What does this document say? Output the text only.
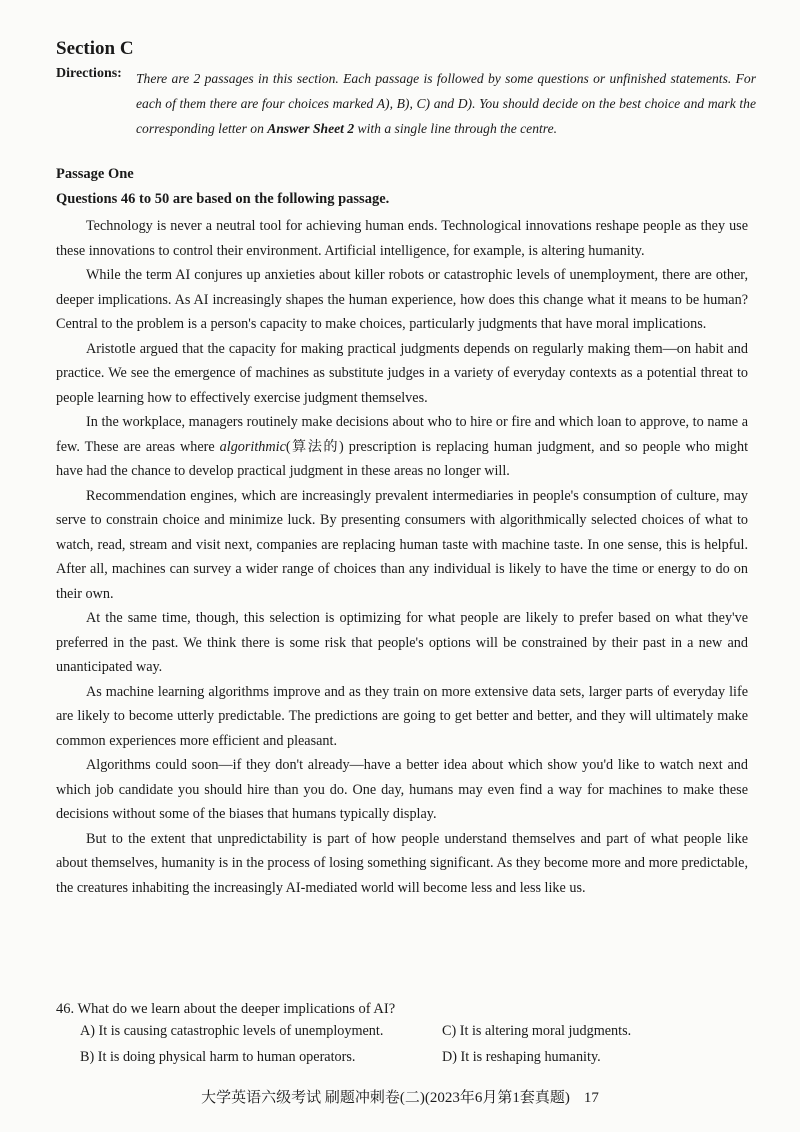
Section C
Directions: There are 2 passages in this section. Each passage is followed by some questions or unfinished statements. For each of them there are four choices marked A), B), C) and D). You should decide on the best choice and mark the corresponding letter on Answer Sheet 2 with a single line through the centre.

Passage One
Questions 46 to 50 are based on the following passage.

Technology is never a neutral tool for achieving human ends. Technological innovations reshape people as they use these innovations to control their environment. Artificial intelligence, for example, is altering humanity.

While the term AI conjures up anxieties about killer robots or catastrophic levels of unemployment, there are other, deeper implications. As AI increasingly shapes the human experience, how does this change what it means to be human? Central to the problem is a person's capacity to make choices, particularly judgments that have moral implications.

Aristotle argued that the capacity for making practical judgments depends on regularly making them—on habit and practice. We see the emergence of machines as substitute judges in a variety of everyday contexts as a potential threat to people learning how to effectively exercise judgment themselves.

In the workplace, managers routinely make decisions about who to hire or fire and which loan to approve, to name a few. These are areas where algorithmic(算法的) prescription is replacing human judgment, and so people who might have had the chance to develop practical judgment in these areas no longer will.

Recommendation engines, which are increasingly prevalent intermediaries in people's consumption of culture, may serve to constrain choice and minimize luck. By presenting consumers with algorithmically selected choices of what to watch, read, stream and visit next, companies are replacing human taste with machine taste. In one sense, this is helpful. After all, machines can survey a wider range of choices than any individual is likely to have the time or energy to do on their own.

At the same time, though, this selection is optimizing for what people are likely to prefer based on what they've preferred in the past. We think there is some risk that people's options will be constrained by their past in a new and unanticipated way.

As machine learning algorithms improve and as they train on more extensive data sets, larger parts of everyday life are likely to become utterly predictable. The predictions are going to get better and better, and they will ultimately make common experiences more efficient and pleasant.

Algorithms could soon—if they don't already—have a better idea about which show you'd like to watch next and which job candidate you should hire than you do. One day, humans may even find a way for machines to make these decisions without some of the biases that humans typically display.

But to the extent that unpredictability is part of how people understand themselves and part of what people like about themselves, humanity is in the process of losing something significant. As they become more and more predictable, the creatures inhabiting the increasingly AI-mediated world will become less and less like us.

46. What do we learn about the deeper implications of AI?

A) It is causing catastrophic levels of unemployment.	C) It is altering moral judgments.
B) It is doing physical harm to human operators.	D) It is reshaping humanity.
大学英语六级考试 刷题冲刺卷(二)(2023年6月第1套真题) 17
